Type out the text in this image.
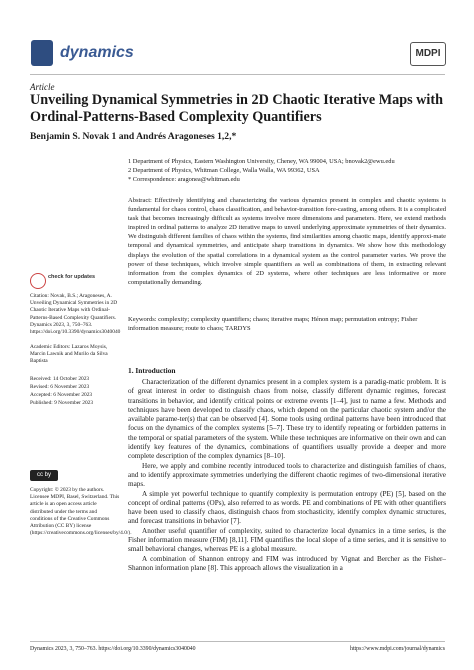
dynamics	MDPI
Article
Unveiling Dynamical Symmetries in 2D Chaotic Iterative Maps with Ordinal-Patterns-Based Complexity Quantifiers
Benjamin S. Novak 1 and Andrés Aragoneses 1,2,*
1 Department of Physics, Eastern Washington University, Cheney, WA 99004, USA; bnovak2@ewu.edu
2 Department of Physics, Whitman College, Walla Walla, WA 99362, USA
* Correspondence: aragonea@whitman.edu
Abstract: Effectively identifying and characterizing the various dynamics present in complex and chaotic systems is fundamental for chaos control, chaos classification, and behavior-transition fore-casting, among others. It is a complicated task that becomes increasingly difficult as systems involve more dimensions and parameters. Here, we extend methods inspired in ordinal patterns to analyze 2D iterative maps to unveil underlying approximate symmetries of their dynamics. We distinguish different families of chaos within the systems, find similarities among chaotic maps, identify approxi-mate temporal and dynamical symmetries, and anticipate sharp transitions in dynamics. We show how this methodology displays the evolution of the spatial correlations in a dynamical system as the control parameter varies. We prove the power of these techniques, which involve simple quantifiers as well as combinations of them, in extracting relevant information from the complex dynamics of 2D systems, where other techniques are less informative or more computationally demanding.
Keywords: complexity; complexity quantifiers; chaos; iterative maps; Hénon map; permutation entropy; Fisher information measure; route to chaos; TARDYS
check for updates
Citation: Novak, B.S.; Aragoneses, A. Unveiling Dynamical Symmetries in 2D Chaotic Iterative Maps with Ordinal-Patterns-Based Complexity Quantifiers. Dynamics 2023, 3, 750–763. https://doi.org/10.3390/dynamics3040040
Academic Editors: Lazaros Moysis, Marcin Lawnik and Murilo da Silva Baptista
Received: 14 October 2023
Revised: 6 November 2023
Accepted: 6 November 2023
Published: 9 November 2023
cc by
Copyright: © 2023 by the authors. Licensee MDPI, Basel, Switzerland. This article is an open access article distributed under the terms and conditions of the Creative Commons Attribution (CC BY) license (https://creativecommons.org/licenses/by/4.0/).
1. Introduction

Characterization of the different dynamics present in a complex system is a paradig-matic problem. It is of great interest in order to distinguish chaos from noise, classify different dynamic regimes, forecast transitions in behavior, and identify critical points or extreme events [1–4], just to name a few. Methods and techniques have been developed to classify chaos, which depend on the particular chaotic system and/or the available parame-ter(s) that can be observed [4]. Some tools using ordinal patterns have been introduced that focus on the dynamics of the complex systems [5–7]. These try to identify repeating or forbidden patterns in the temporal or spatial parameters of the system. While these techniques are informative on their own and can identify key features of the dynamics, combinations of quantifiers usually provide a deeper and more complete description of the complex dynamics [8–10].

Here, we apply and combine recently introduced tools to characterize and distinguish families of chaos, and to identify approximate symmetries underlying the different chaotic regimes of two-dimensional iterative maps.

A simple yet powerful technique to quantify complexity is permutation entropy (PE) [5], based on the concept of ordinal patterns (OPs), also referred to as words. PE and combinations of PE with other quantifiers have been used to classify chaos, distinguish chaos from stochasticity, identify complex dynamic structures, and forecast transitions in behavior [7].

Another useful quantifier of complexity, suited to characterize local dynamics in a time series, is the Fisher information measure (FIM) [8,11]. FIM quantifies the local slope of a time series, and it is sensitive to small behavioral changes, whereas PE is a global measure.

A combination of Shannon entropy and FIM was introduced by Vignat and Bercher as the Fisher–Shannon information plane [8]. This approach allows the visualization in a

Dynamics 2023, 3, 750–763. https://doi.org/10.3390/dynamics3040040	https://www.mdpi.com/journal/dynamics
